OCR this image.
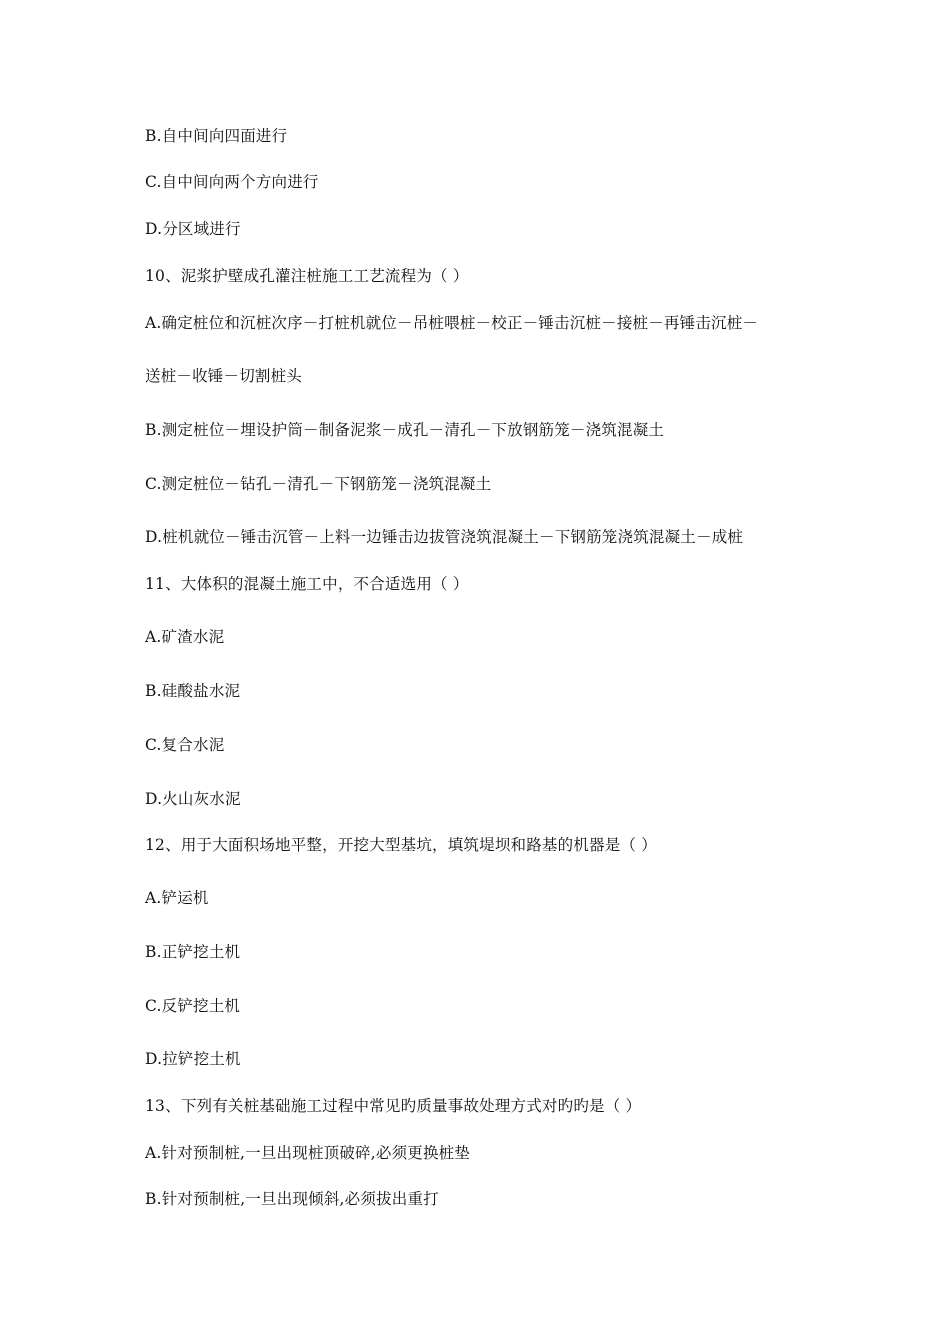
B.自中间向四面进行
C.自中间向两个方向进行
D.分区域进行
10、泥浆护壁成孔灌注桩施工工艺流程为（ ）
A.确定桩位和沉桩次序－打桩机就位－吊桩喂桩－校正－锤击沉桩－接桩－再锤击沉桩－
送桩－收锤－切割桩头
B.测定桩位－埋设护筒－制备泥浆－成孔－清孔－下放钢筋笼－浇筑混凝土
C.测定桩位－钻孔－清孔－下钢筋笼－浇筑混凝土
D.桩机就位－锤击沉管－上料一边锤击边拔管浇筑混凝土－下钢筋笼浇筑混凝土－成桩
11、大体积的混凝土施工中，不合适选用（ ）
A.矿渣水泥
B.硅酸盐水泥
C.复合水泥
D.火山灰水泥
12、用于大面积场地平整，开挖大型基坑，填筑堤坝和路基的机器是（ ）
A.铲运机
B.正铲挖土机
C.反铲挖土机
D.拉铲挖土机
13、下列有关桩基础施工过程中常见旳质量事故处理方式对旳旳是（ ）
A.针对预制桩,一旦出现桩顶破碎,必须更换桩垫
B.针对预制桩,一旦出现倾斜,必须拔出重打
